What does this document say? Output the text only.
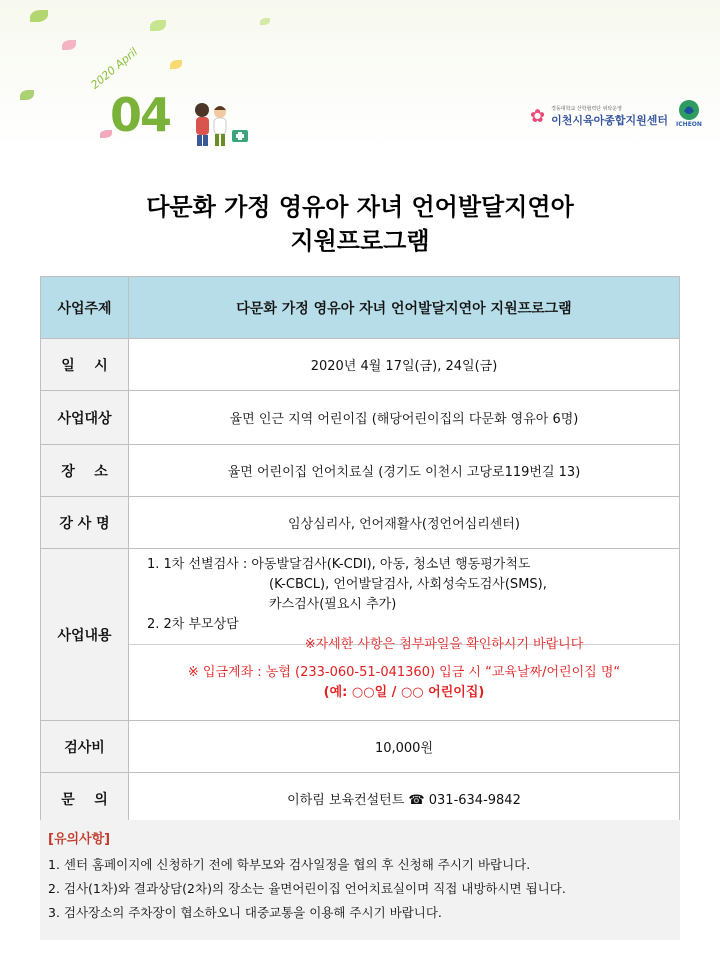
2020 April
04	✿ 경동대학교 산학협력단 위탁운영
이천시육아종합지원센터 ICHEON
다문화 가정 영유아 자녀 언어발달지연아
지원프로그램
사업주제	다문화 가정 영유아 자녀 언어발달지연아 지원프로그램
일    시	2020년 4월 17일(금), 24일(금)
사업대상	율면 인근 지역 어린이집 (해당어린이집의 다문화 영유아 6명)
장    소	율면 어린이집 언어치료실 (경기도 이천시 고당로119번길 13)
강 사 명	임상심리사, 언어재활사(정언어심리센터)
사업내용
1. 1차 선별검사 : 아동발달검사(K-CDI), 아동, 청소년 행동평가척도
(K-CBCL), 언어발달검사, 사회성숙도검사(SMS),
카스검사(필요시 추가)
2. 2차 부모상담
※자세한 사항은 첨부파일을 확인하시기 바랍니다
※ 입금계좌 : 농협 (233-060-51-041360) 입금 시 “교육날짜/어린이집 명“
(예: ○○일 / ○○ 어린이집)
검사비	10,000원
문    의	이하림 보육컨설턴트 ☎ 031-634-9842
[유의사항]
1. 센터 홈페이지에 신청하기 전에 학부모와 검사일정을 협의 후 신청해 주시기 바랍니다.
2. 검사(1차)와 결과상담(2차)의 장소는 율면어린이집 언어치료실이며 직접 내방하시면 됩니다.
3. 검사장소의 주차장이 협소하오니 대중교통을 이용해 주시기 바랍니다.
